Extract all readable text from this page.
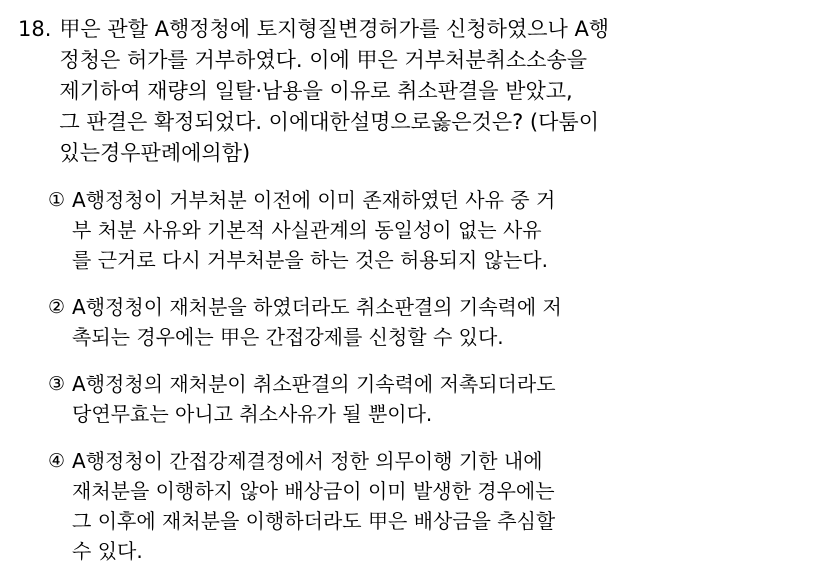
18. 甲은 관할 A행정청에 토지형질변경허가를 신청하였으나 A행
정청은 허가를 거부하였다. 이에 甲은 거부처분취소소송을
제기하여 재량의 일탈·남용을 이유로 취소판결을 받았고,
그 판결은 확정되었다. 이에대한설명으로옳은것은? (다툼이
있는경우판례에의함)
① A행정청이 거부처분 이전에 이미 존재하였던 사유 중 거
부 처분 사유와 기본적 사실관계의 동일성이 없는 사유
를 근거로 다시 거부처분을 하는 것은 허용되지 않는다.
② A행정청이 재처분을 하였더라도 취소판결의 기속력에 저
촉되는 경우에는 甲은 간접강제를 신청할 수 있다.
③ A행정청의 재처분이 취소판결의 기속력에 저촉되더라도
당연무효는 아니고 취소사유가 될 뿐이다.
④ A행정청이 간접강제결정에서 정한 의무이행 기한 내에
재처분을 이행하지 않아 배상금이 이미 발생한 경우에는
그 이후에 재처분을 이행하더라도 甲은 배상금을 추심할
수 있다.
